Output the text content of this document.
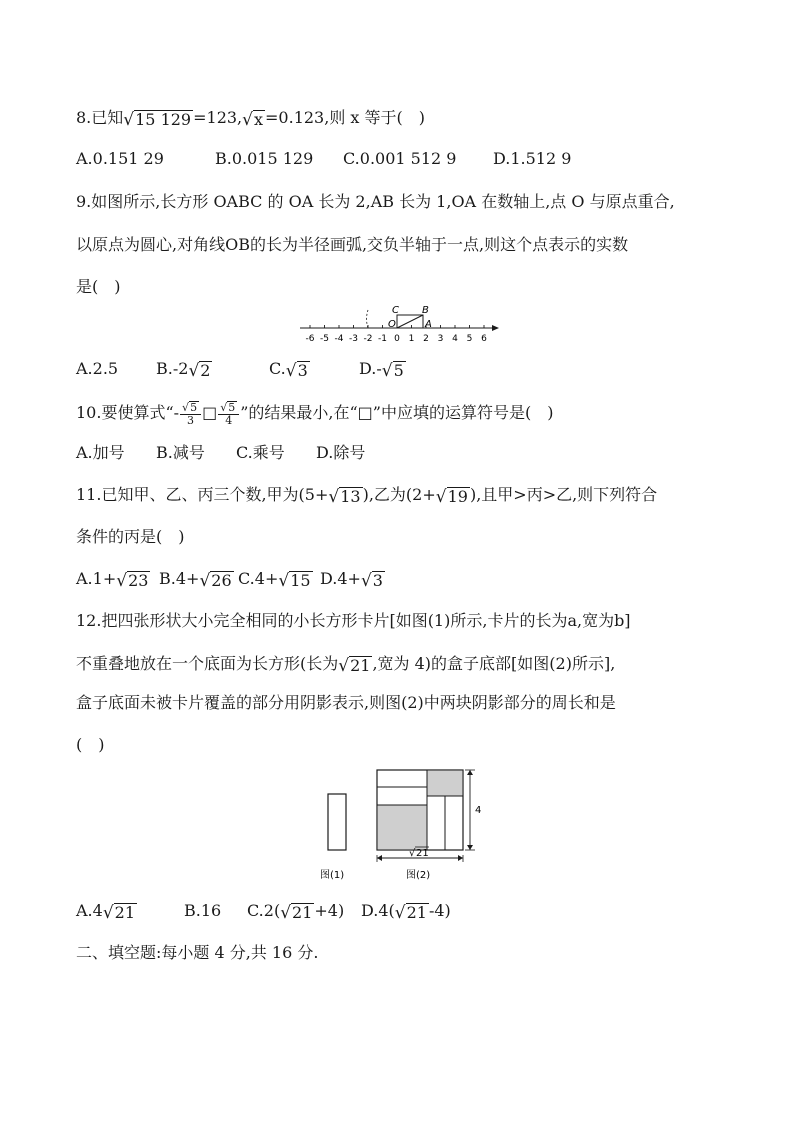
8.已知 √ 15 129 =123, √ x =0.123,则 x 等于(　)
A.0.151 29	B.0.015 129 C.0.001 512 9 D.1.512 9
9.如图所示,长方形 OABC 的 OA 长为 2,AB 长为 1,OA 在数轴上,点 O 与原点重合,
以原点为圆心,对角线OB的长为半径画弧,交负半轴于一点,则这个点表示的实数
是(　)
-6 -5 -4 -3 -2 -1 0 1 2 3 4 5 6
C B
O	A
A.2.5 B.-2√2	C.√3	D.-√5
10.要使算式“- $\frac{√ 5}{3}$ □ $\frac{√ 5}{4}$ ”的结果最小,在“□”中应填的运算符号是(　)
A.加号 B.减号 C.乘号 D.除号
11.已知甲、乙、丙三个数,甲为(5+ √ 13 ),乙为(2+ √ 19 ),且甲>丙>乙,则下列符合
条件的丙是(　)
A.1+√23 B.4+√26 C.4+√15 D.4+√3
12.把四张形状大小完全相同的小长方形卡片[如图(1)所示,卡片的长为a,宽为b]
不重叠地放在一个底面为长方形(长为 √ 21 ,宽为 4)的盒子底部[如图(2)所示],
盒子底面未被卡片覆盖的部分用阴影表示,则图(2)中两块阴影部分的周长和是
(　)
4
√ 21
图(1)	图(2)
A.4√21	B.16 C.2(√21 +4) D.4(√21 -4)
二、填空题:每小题 4 分,共 16 分.
